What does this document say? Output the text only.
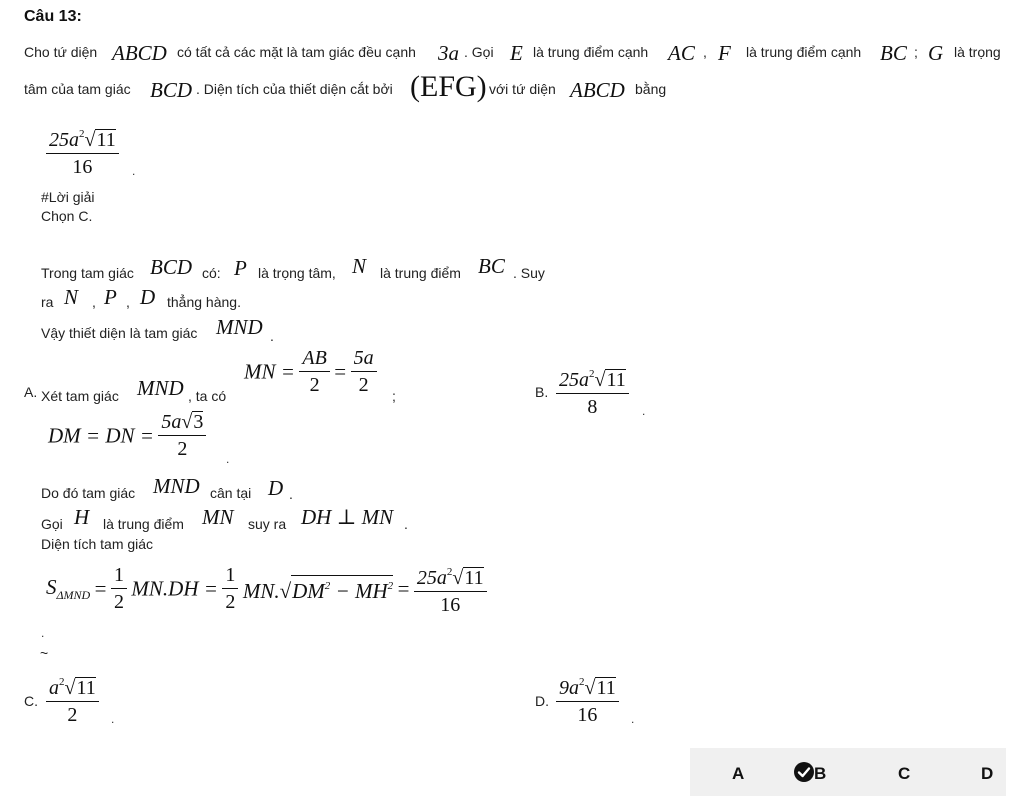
Câu 13:
Cho tứ diện ABCD có tất cả các mặt là tam giác đều cạnh 3a . Gọi E là trung điểm cạnh AC , F là trung điểm cạnh BC ; G là trọng
tâm của tam giác BCD . Diện tích của thiết diện cắt bởi (EFG) với tứ diện ABCD bằng
$\frac{25a^2√11}{16}$ .
#Lời giải
Chọn C.
Trong tam giác BCD có: P là trọng tâm, N là trung điểm BC . Suy
ra N , P , D thẳng hàng.
Vậy thiết diện là tam giác MND .
A. Xét tam giác MND , ta có
MN = $\frac{AB}{2} = \frac{5a}{2}$ ;	B. $\frac{25a^2√11}{8}$ .
DM = DN = $\frac{5a√3}{2}$ .
Do đó tam giác MND cân tại D .
Gọi H là trung điểm MN suy ra DH ⊥ MN .
Diện tích tam giác
$S_{\Delta MND} = \frac{1}{2} MN.DH = \frac{1}{2} MN.√DM^2 - MH^2 = \frac{25a^2√11}{16}$
.
~
C. $\frac{a^2√11}{2}$ .
D. $\frac{9a^2√11}{16}$ .
A	B	C	D
